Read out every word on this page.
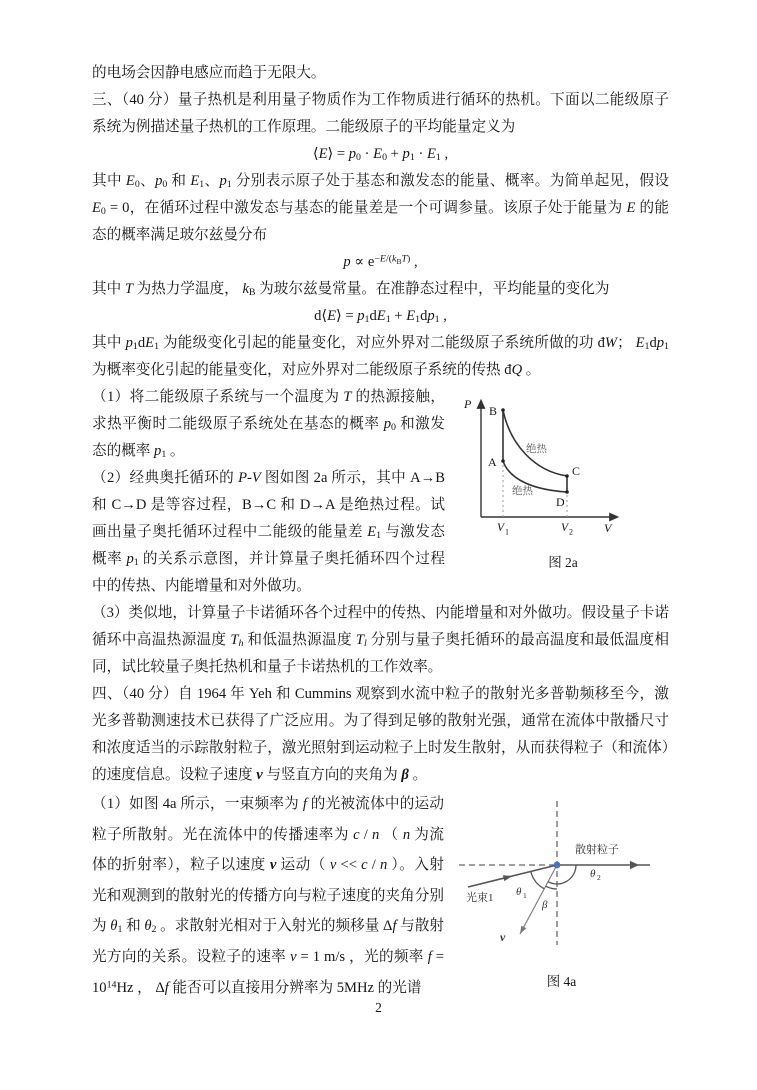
的电场会因静电感应而趋于无限大。

三、（40 分）量子热机是利用量子物质作为工作物质进行循环的热机。下面以二能级原子系统为例描述量子热机的工作原理。二能级原子的平均能量定义为

⟨E⟩ = p0 · E0 + p1 · E1 ,

其中 E0、p0 和 E1、p1 分别表示原子处于基态和激发态的能量、概率。为简单起见，假设 E0 = 0，在循环过程中激发态与基态的能量差是一个可调参量。该原子处于能量为 E 的能态的概率满足玻尔兹曼分布

$p \propto e^{-E/(k}B^{T)}$ ,

其中 T 为热力学温度， kB 为玻尔兹曼常量。在准静态过程中，平均能量的变化为

d⟨E⟩ = p1dE1 + E1dp1 ,

其中 p1dE1 为能级变化引起的能量变化，对应外界对二能级原子系统所做的功 đW； E1dp1 为概率变化引起的能量变化，对应外界对二能级原子系统的传热 đQ 。

P
V
B
A
C
D
绝热
绝热
V 1	V 2
图 2a

（1）将二能级原子系统与一个温度为 T 的热源接触，求热平衡时二能级原子系统处在基态的概率 p0 和激发态的概率 p1 。

（2）经典奥托循环的 P-V 图如图 2a 所示，其中 A→B 和 C→D 是等容过程，B→C 和 D→A 是绝热过程。试画出量子奥托循环过程中二能级的能量差 E1 与激发态概率 p1 的关系示意图，并计算量子奥托循环四个过程中的传热、内能增量和对外做功。

（3）类似地，计算量子卡诺循环各个过程中的传热、内能增量和对外做功。假设量子卡诺循环中高温热源温度 Th 和低温热源温度 Tl 分别与量子奥托循环的最高温度和最低温度相同，试比较量子奥托热机和量子卡诺热机的工作效率。

四、（40 分）自 1964 年 Yeh 和 Cummins 观察到水流中粒子的散射光多普勒频移至今，激光多普勒测速技术已获得了广泛应用。为了得到足够的散射光强，通常在流体中散播尺寸和浓度适当的示踪散射粒子，激光照射到运动粒子上时发生散射，从而获得粒子（和流体）的速度信息。设粒子速度 v 与竖直方向的夹角为 β 。

散射粒子
光束1 θ 1
θ 2
β
v
图 4a

（1）如图 4a 所示，一束频率为 f 的光被流体中的运动粒子所散射。光在流体中的传播速率为 c / n （ n 为流体的折射率），粒子以速度 v 运动（ v << c / n ）。入射光和观测到的散射光的传播方向与粒子速度的夹角分别为 θ1 和 θ2 。求散射光相对于入射光的频移量 Δf 与散射光方向的关系。设粒子的速率 v = 1 m/s ，光的频率 $f = 10^{14}Hz$ ， Δf 能否可以直接用分辨率为 5MHz 的光谱

2
